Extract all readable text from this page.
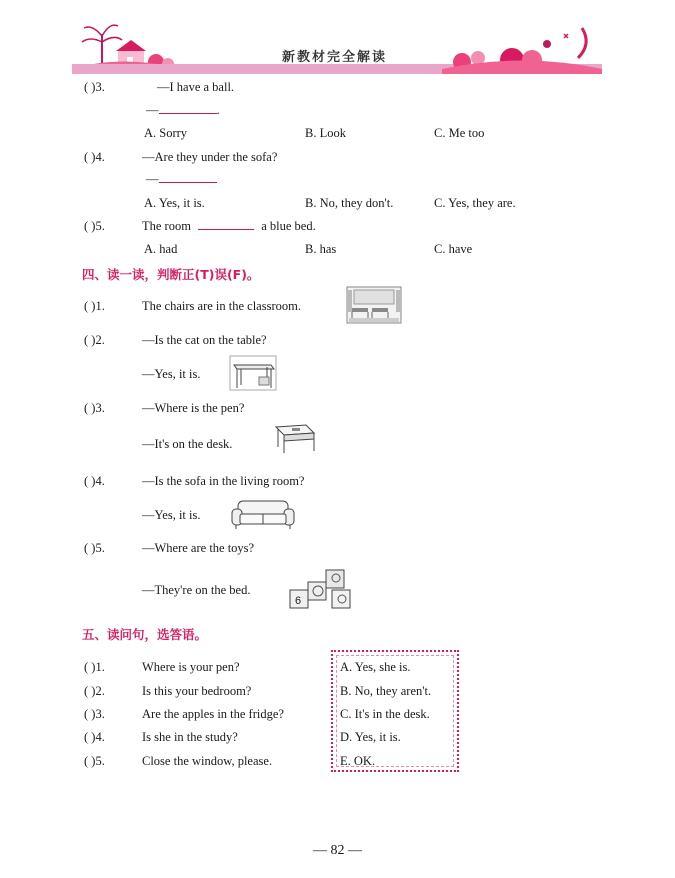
新教材完全解读
( )3.	—I have a ball.
—	.
A. Sorry	B. Look	C. Me too
( )4.	—Are they under the sofa?
—
A. Yes, it is.	B. No, they don't.	C. Yes, they are.
( )5.	The room	a blue bed.
A. had	B. has	C. have
四、读一读，判断正(T)误(F)。
( )1.	The chairs are in the classroom.
( )2.	—Is the cat on the table?
—Yes, it is.
( )3.	—Where is the pen?
—It's on the desk.
( )4.	—Is the sofa in the living room?
—Yes, it is.
( )5.	—Where are the toys?
—They're on the bed.
6
五、读问句，选答语。
( )1.	Where is your pen?
( )2.	Is this your bedroom?
( )3.	Are the apples in the fridge?
( )4.	Is she in the study?
( )5.	Close the window, please.
A. Yes, she is.
B. No, they aren't.
C. It's in the desk.
D. Yes, it is.
E. OK.
— 82 —
